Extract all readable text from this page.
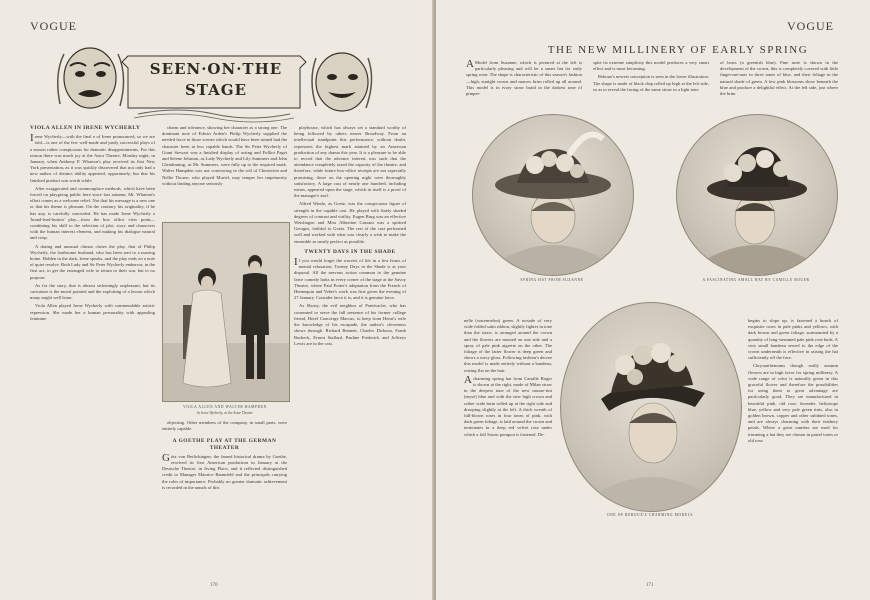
VOGUE
SEEN·ON·THE STAGE
VIOLA ALLEN IN IRENE WYCHERLY

Irene Wycherly—with the final e of Irene pronounced, so we are told—is one of the few well-made and justly successful plays of a season rather conspicuous for dramatic disappointments. For this reason there was much joy at the Astor Theatre, Monday night, in January, when Anthony P. Wharton's play received its first New York presentation, as it was quickly discovered that not only had a new author of distinct ability appeared, opportunely, but that his finished product was worth while.

After exaggerated and commonplace methods, which have been forced on playgoing public here since last autumn, Mr. Wharton's effort comes as a welcome relief. Not that his message is a new one or that his theme is pleasant. On the contrary his originality, if he has any, is carefully concealed. He has made Irene Wycherly a 'brand-lead-button' play—from the box office view point—combining his skill to the selection of plot, story and characters with the human interest element, and making his dialogue natural and crisp.

A daring and unusual climax closes the play, that of Philip Wycherly, the loathsome husband, who has been sent to a nursing home. Hidden in the dark, Irene speaks, and the play ends on a note of quiet resolve. Both Lady and Sir Peter Wycherly endeavor, in the first act, to get the estranged wife to return to their son, but to no purpose.

As for the story, that is almost sickeningly unpleasant, but its caricature is the moral pointed and the exploiting of a lesson which many might well learn.

Viola Allen played Irene Wycherly with commendable artistic repression. She made her a human personality with appealing feminine

charm and tolerance, showing her character as a strong one. The dominant note of Edwin Arden's Philip Wycherly supplied the needed force in those scenes which would have been ruined had the character been in less capable hands. The Sir Peter Wycherly of Grant Stewart was a finished display of acting and Folliot Paget and Selene Johnson, as Lady Wycherly and Lily Summers and John Glendinning, as Mr. Summers, were fully up to the required mark. Walter Hampden was not convincing in the roll of Chesterton and Nellie Thorne, who played Muriel, may temper her impetuosity without finding anyone seriously

VIOLA ALLEN AND WALTER HAMPDEN
In Irene Wycherly, at the Astor Theatre

objecting. Other members of the company, in small parts, were entirely capable.

A GOETHE PLAY AT THE GERMAN THEATER

Götz von Berlichingen, the famed historical drama by Goethe, received its first American production in January at the Deutsche Theatre, in Irving Place, and it reflected distinguished credit to Manager Maurice Baumfeld and the principals carrying the roles of importance. Probably no greater dramatic achievement is recorded in the annals of this

playhouse, which has always set a standard worthy of being followed by others nearer Broadway. From an intellectual standpoint this performance, without doubt, represents the highest mark attained by an American production of any drama this year. It is a pleasure to be able to record that the advance interest was such that the attendance completely taxed the capacity of the theatre, and therefore, while future box-office receipts are not especially promising, those on the opening night were thoroughly satisfactory. A large cast of nearly one hundred, including extras, appeared upon the stage, which in itself is a proof of the manager's zeal.

Alfred Windo, as Goetz, was the conspicuous figure of strength in the capable cast. He played with finely shaded degrees of contrast and virility. Eugen Burg was an effective Weislingen and Miss Albertine Cassani was a spirited Georges, faithful to Goetz. The rest of the cast performed well and worked with what was clearly a wish to make the ensemble as nearly perfect as possible.

TWENTY DAYS IN THE SHADE

If you would forget the worries of life in a few hours of mental relaxation, Twenty Days in the Shade is at your disposal. All the nervous action common to the genuine farce comedy lurks in every corner of the stage at the Savoy Theatre, where Paul Potter's adaptation from the French of Hennequin and Veber's work was first given the evening of 27 January. Consider farce it is, and it is genuine farce.

As Shorty, the evil neighbor of Pontivache, who has consented to serve the full sentence of his former college friend, Hotel Concierge Marcus, to keep from Henri's wife the knowledge of his escapade, the author's cleverness shows through. Richard Bennett, Charles Dickson, Frank Burbeck, Ernest Stallard, Pauline Frederick and Joffreys Lewis are in the cast.

170
VOGUE
THE NEW MILLINERY OF EARLY SPRING

AModel from Suzanne, which is pictured at the left is particularly pleasing and will be a smart hat for early spring wear. The shape is characteristic of this season's fashion—high, straight crown and narrow brim rolled up all around. This model is in ivory straw braid in the darkest tone of pimper-

spite its extreme simplicity this model produces a very smart effect and is most becoming.

Reboux's newest conception is seen in the lower illustration. The shape is made of black chip rolled up high at the left side, so as to reveal the facing of the same straw in a light tone

of brass (a greenish blue). Fine taste is shown in the development of the crown, this is completely covered with little finger-me-nots in three tones of blue, and their foliage in the natural shade of green. A few pink blossoms show beneath the blue and produce a delightful effect. At the left side, just where the brim

SPRING HAT FROM SUZANNE	A FASCINATING SMALL HAT BY CAMILLE ROGER

nelle (watermelon) green. A torsade of very wide folded satin ribbon, slightly lighter in tone than the straw, is arranged around the crown and the flowers are massed on one side and a spray of pale pink aigrette on the other. The foliage of the latter flower is deep green and shows a wavy gloss. Following fashion's decree this model is made entirely without a bandeau, resting flat on the hair.

Acharming spring hat from Camille Roger is shown at the right, made of Milan straw in the deepest tone of the new mouse-tint (mysé) blue and with the new high crown and rather wide brim rolled up at the right side and drooping slightly at the left. A thick wreath of full-blown roses in four tones of pink, with dark green foliage, is laid around the crown and terminates in a deep red velvet rose under which a full Saxon pompon is fastened. De-

ONE OF REBOUX'S CHARMING MODELS

begins to slope up, is fastened a bunch of exquisite roses in pale pinks and yellows, with dark brown and green foliage, surmounted by a quantity of long-stemmed pale pink rose buds. A very small bandeau sewed to the edge of the crown underneath is effective in raising the hat sufficiently off the face.

Chrysanthemums though really autumn flowers are in high favor for spring millinery. A wide range of color is naturally given in this graceful flower and therefore the possibilities for using them to great advantage are particularly good. They are manufactured in beautiful pink, old rose, lavender, heliotrope blue, yellow and very pale green tints, also in golden brown, copper and other subdued tones, and are always charming with their feathery petals. Where a great number are used for trimming a hat they are chosen in pastel tones or old rose.

171
